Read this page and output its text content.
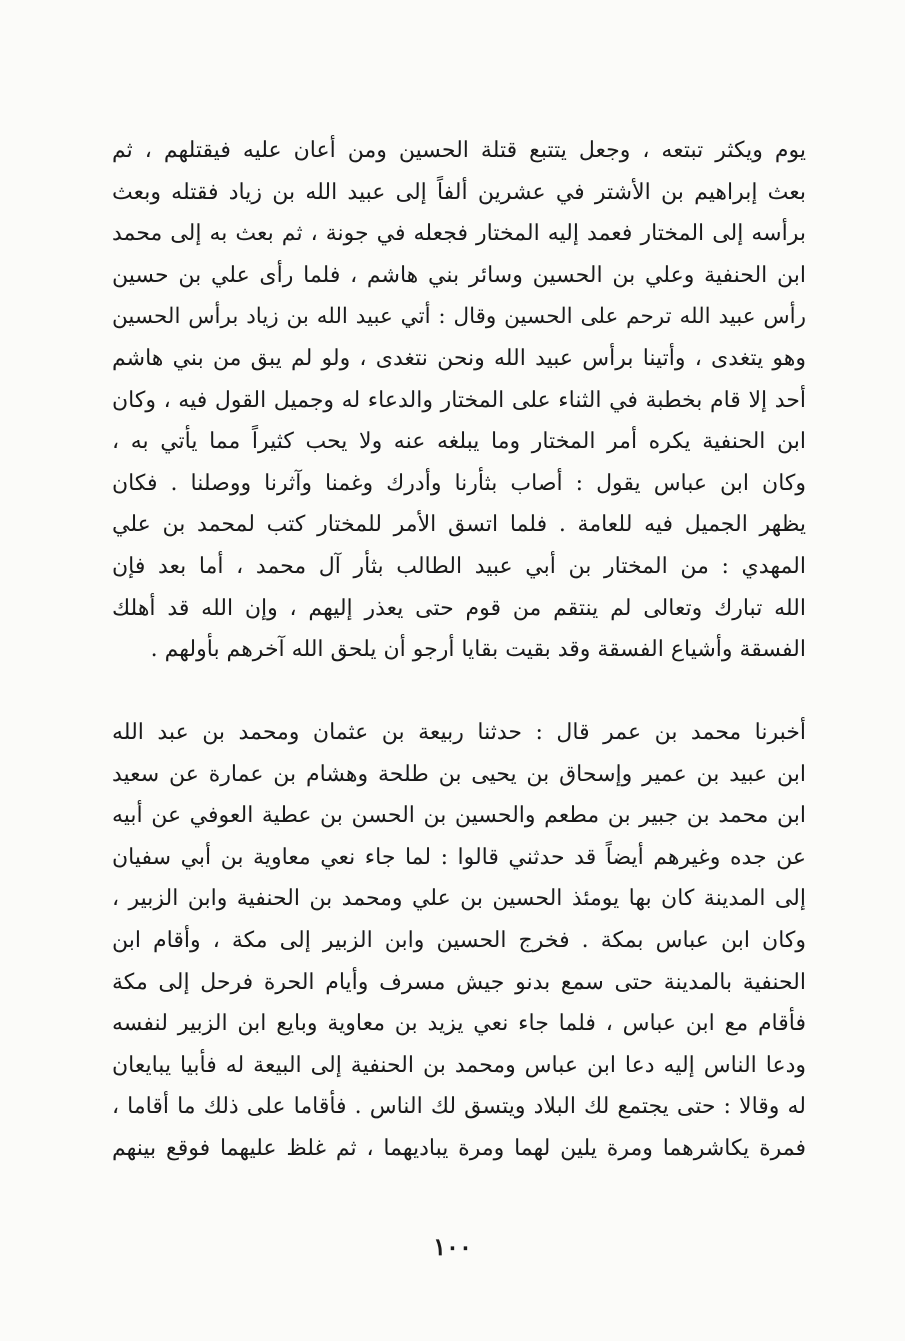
يوم ويكثر تبتعه ، وجعل يتتبع قتلة الحسين ومن أعان عليه فيقتلهم ، ثم
بعث إبراهيم بن الأشتر في عشرين ألفاً إلى عبيد الله بن زياد فقتله وبعث
برأسه إلى المختار فعمد إليه المختار فجعله في جونة ، ثم بعث به إلى محمد
ابن الحنفية وعلي بن الحسين وسائر بني هاشم ، فلما رأى علي بن حسين
رأس عبيد الله ترحم على الحسين وقال : أتي عبيد الله بن زياد برأس الحسين
وهو يتغدى ، وأتينا برأس عبيد الله ونحن نتغدى ، ولو لم يبق من بني هاشم
أحد إلا قام بخطبة في الثناء على المختار والدعاء له وجميل القول فيه ، وكان
ابن الحنفية يكره أمر المختار وما يبلغه عنه ولا يحب كثيراً مما يأتي به ،
وكان ابن عباس يقول : أصاب بثأرنا وأدرك وغمنا وآثرنا ووصلنا . فكان
يظهر الجميل فيه للعامة . فلما اتسق الأمر للمختار كتب لمحمد بن علي
المهدي : من المختار بن أبي عبيد الطالب بثأر آل محمد ، أما بعد فإن
الله تبارك وتعالى لم ينتقم من قوم حتى يعذر إليهم ، وإن الله قد أهلك
الفسقة وأشياع الفسقة وقد بقيت بقايا أرجو أن يلحق الله آخرهم بأولهم .
أخبرنا محمد بن عمر قال : حدثنا ربيعة بن عثمان ومحمد بن عبد الله
ابن عبيد بن عمير وإسحاق بن يحيى بن طلحة وهشام بن عمارة عن سعيد
ابن محمد بن جبير بن مطعم والحسين بن الحسن بن عطية العوفي عن أبيه
عن جده وغيرهم أيضاً قد حدثني قالوا : لما جاء نعي معاوية بن أبي سفيان
إلى المدينة كان بها يومئذ الحسين بن علي ومحمد بن الحنفية وابن الزبير ،
وكان ابن عباس بمكة . فخرج الحسين وابن الزبير إلى مكة ، وأقام ابن
الحنفية بالمدينة حتى سمع بدنو جيش مسرف وأيام الحرة فرحل إلى مكة
فأقام مع ابن عباس ، فلما جاء نعي يزيد بن معاوية وبايع ابن الزبير لنفسه
ودعا الناس إليه دعا ابن عباس ومحمد بن الحنفية إلى البيعة له فأبيا يبايعان
له وقالا : حتى يجتمع لك البلاد ويتسق لك الناس . فأقاما على ذلك ما أقاما ،
فمرة يكاشرهما ومرة يلين لهما ومرة يباديهما ، ثم غلظ عليهما فوقع بينهم
١٠٠
